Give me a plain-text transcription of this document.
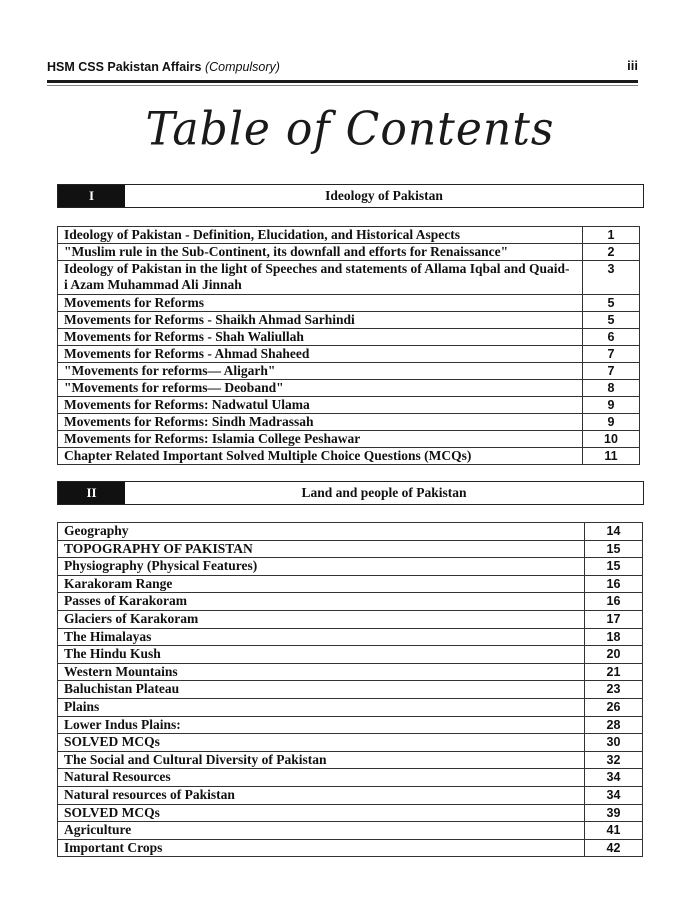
HSM CSS Pakistan Affairs (Compulsory)	iii
Table of Contents
I	Ideology of Pakistan
Ideology of Pakistan - Definition, Elucidation, and Historical Aspects	1
"Muslim rule in the Sub-Continent, its downfall and efforts for Renaissance"	2
Ideology of Pakistan in the light of Speeches and statements of Allama Iqbal and Quaid- i Azam Muhammad Ali Jinnah	3
Movements for Reforms	5
Movements for Reforms - Shaikh Ahmad Sarhindi	5
Movements for Reforms - Shah Waliullah	6
Movements for Reforms - Ahmad Shaheed	7
"Movements for reforms— Aligarh"	7
"Movements for reforms— Deoband"	8
Movements for Reforms: Nadwatul Ulama	9
Movements for Reforms: Sindh Madrassah	9
Movements for Reforms: Islamia College Peshawar	10
Chapter Related Important Solved Multiple Choice Questions (MCQs)	11
II	Land and people of Pakistan
Geography	14
TOPOGRAPHY OF PAKISTAN	15
Physiography (Physical Features)	15
Karakoram Range	16
Passes of Karakoram	16
Glaciers of Karakoram	17
The Himalayas	18
The Hindu Kush	20
Western Mountains	21
Baluchistan Plateau	23
Plains	26
Lower Indus Plains:	28
SOLVED MCQs	30
The Social and Cultural Diversity of Pakistan	32
Natural Resources	34
Natural resources of Pakistan	34
SOLVED MCQs	39
Agriculture	41
Important Crops	42
